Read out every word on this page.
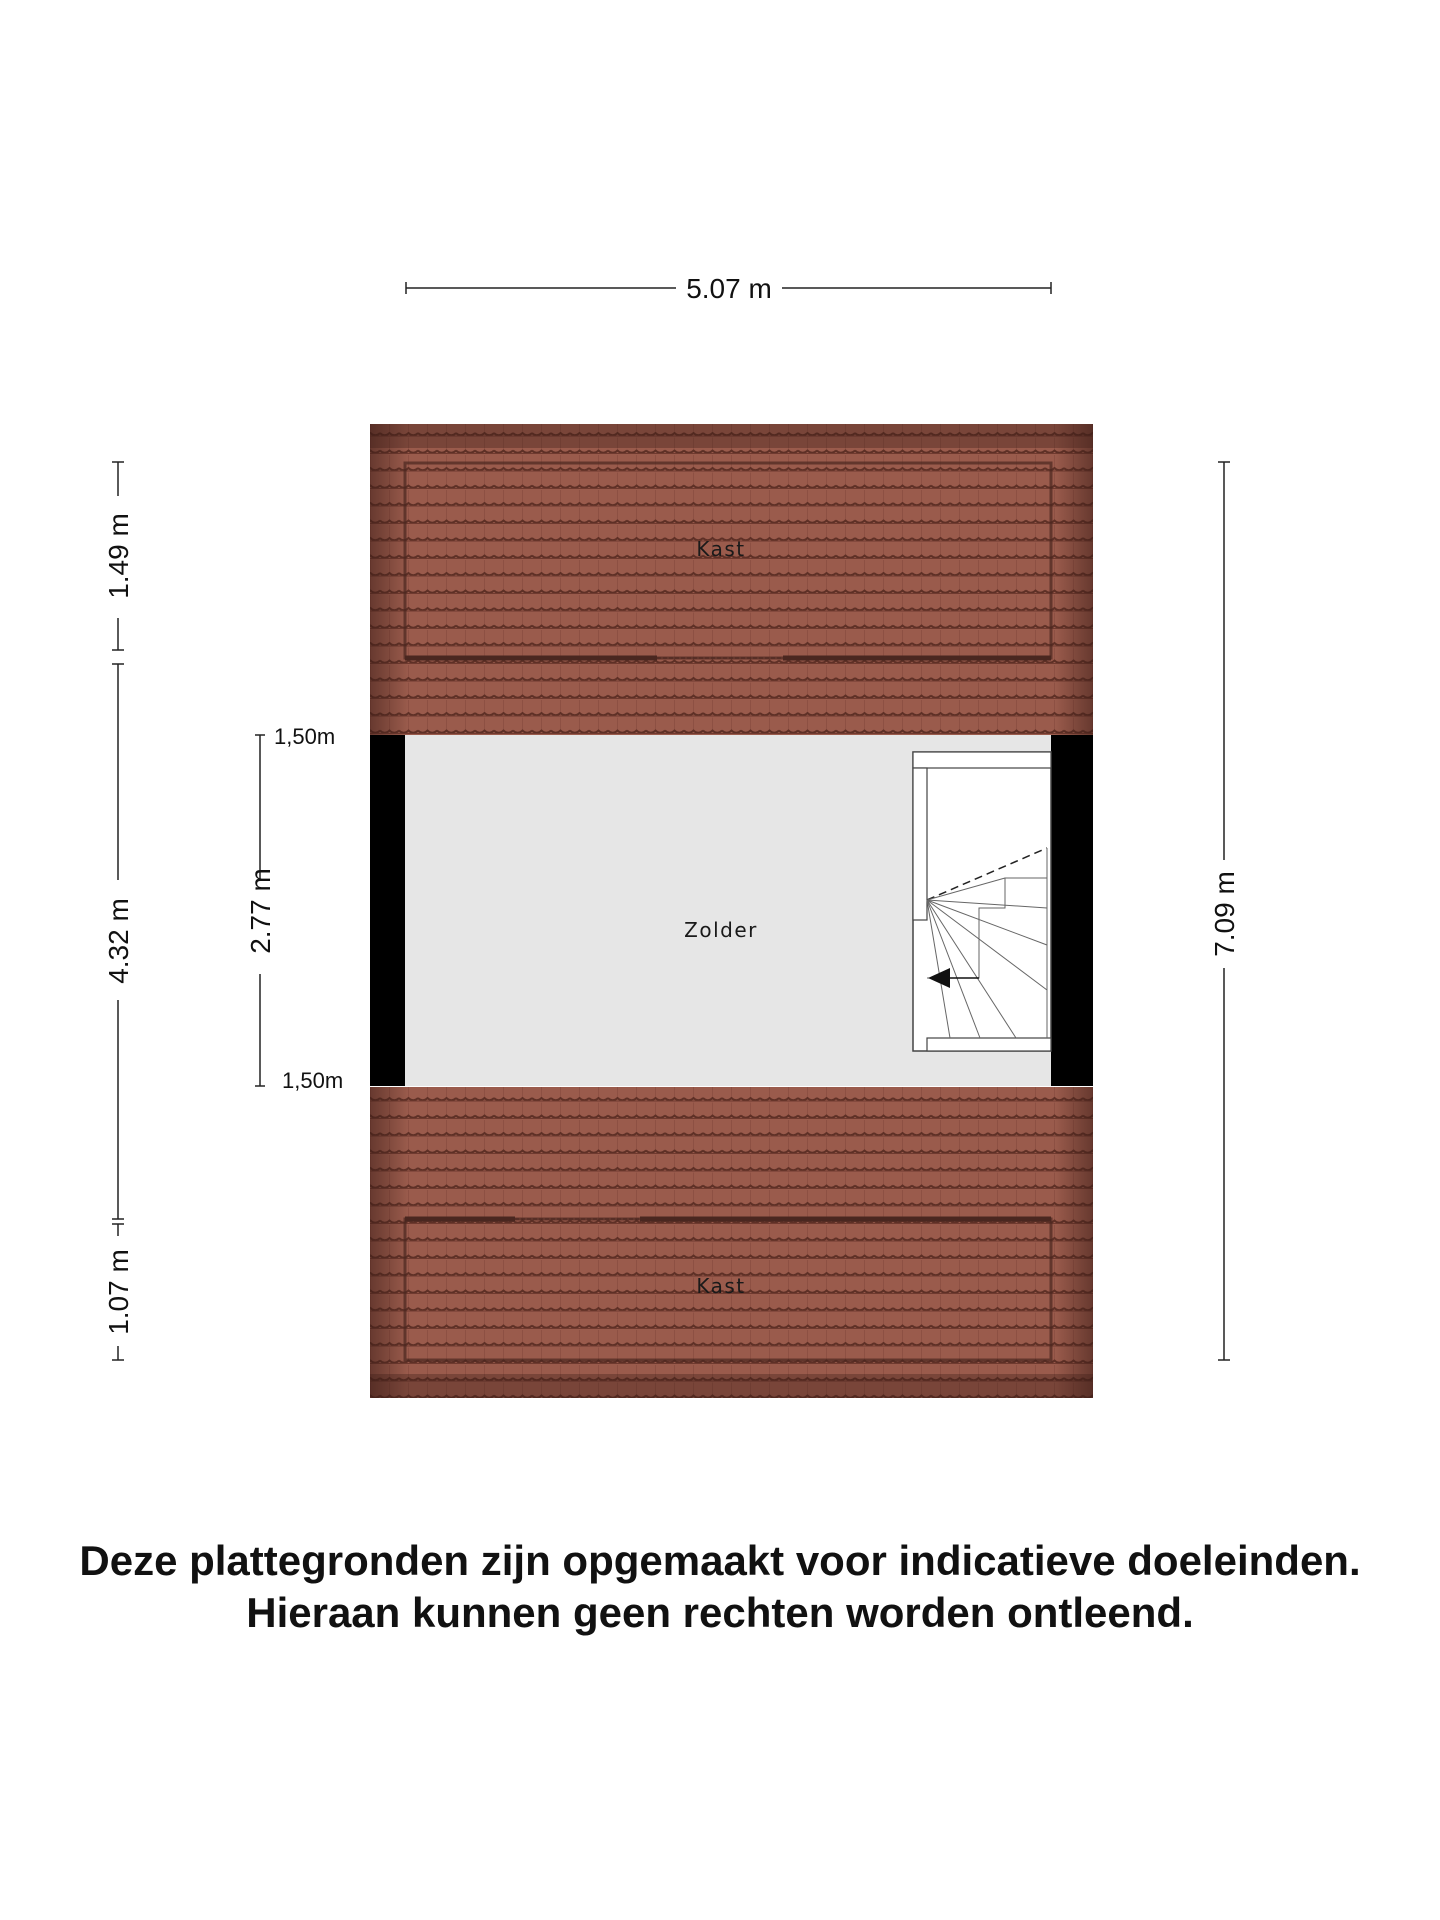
5.07 m
1.49 m
4.32 m
1.07 m
2.77 m
1,50m
1,50m
7.09 m
Kast
Zolder
Kast
Deze plattegronden zijn opgemaakt voor indicatieve doeleinden.
Hieraan kunnen geen rechten worden ontleend.
